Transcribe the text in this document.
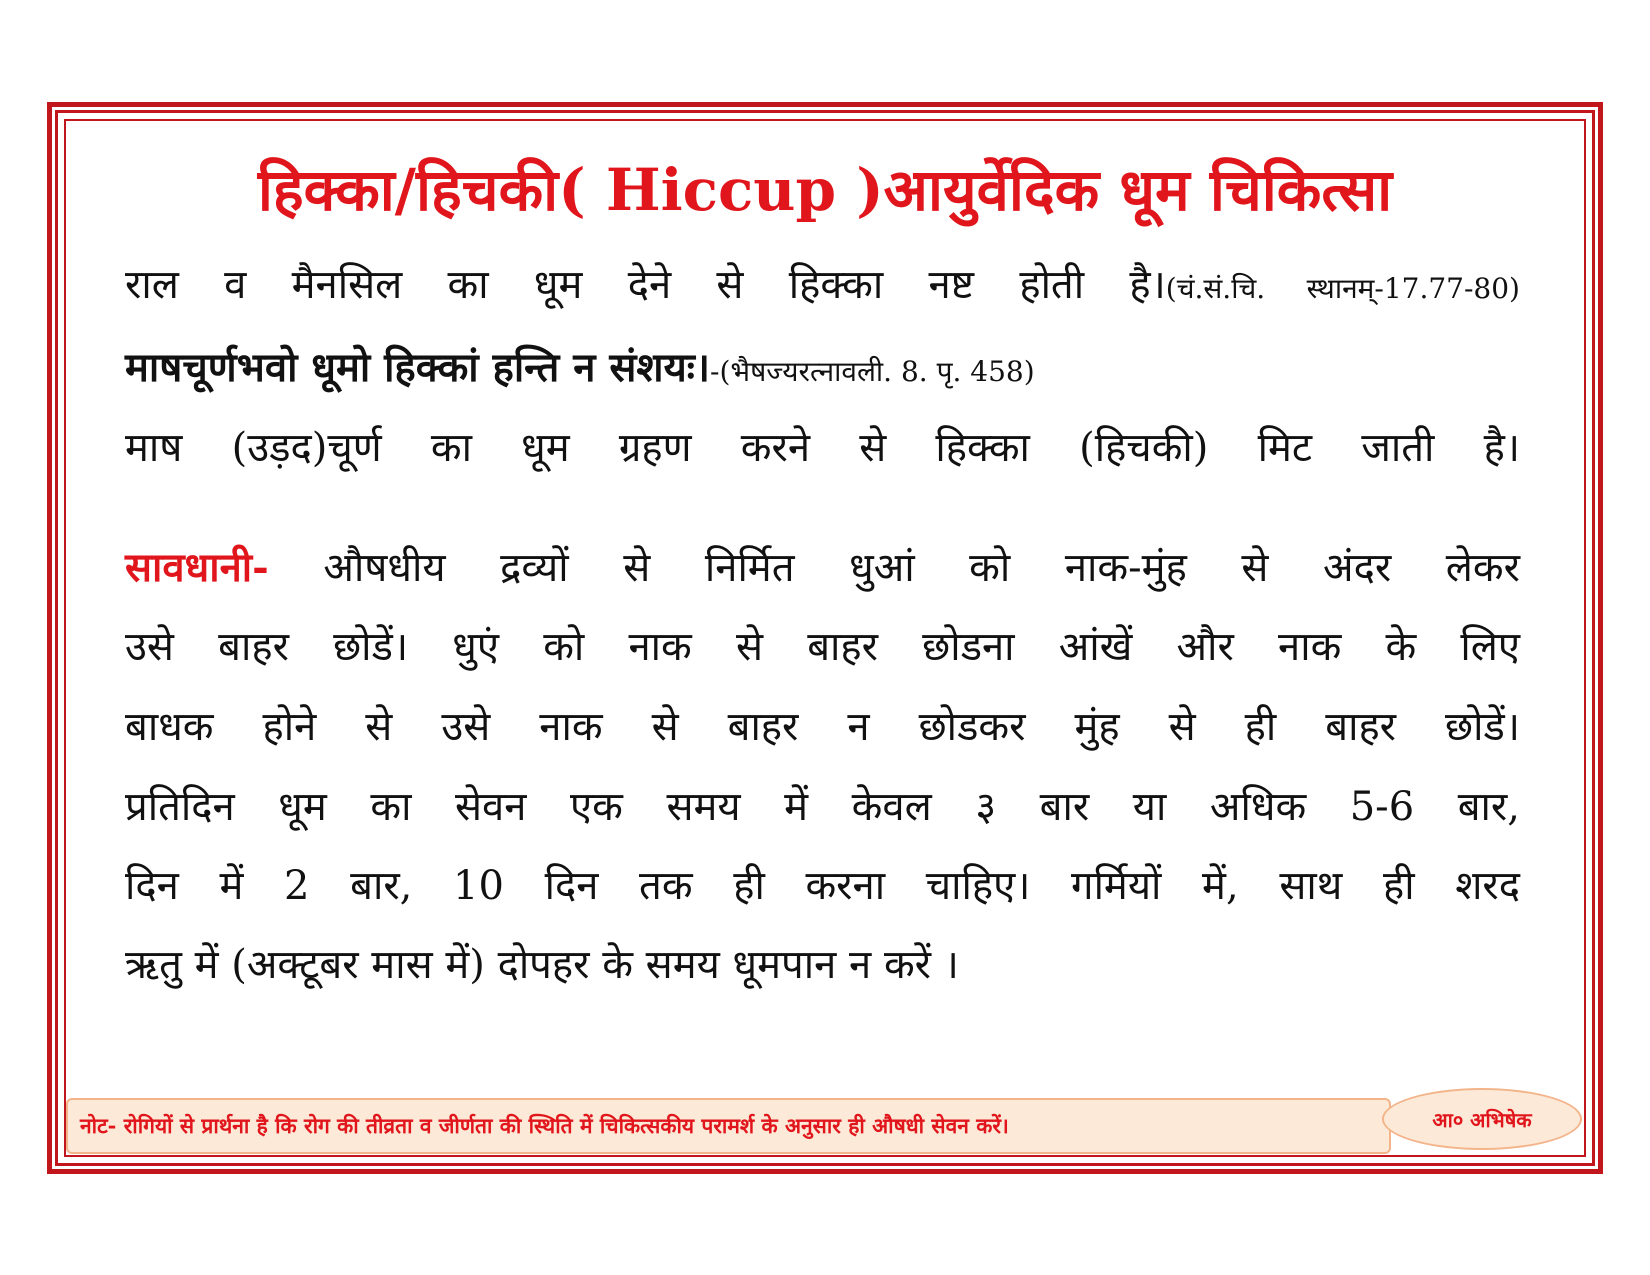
हिक्का/हिचकी( Hiccup )आयुर्वेदिक धूम चिकित्सा
राल व मैनसिल का धूम देने से हिक्का नष्ट होती है।(चं.सं.चि. स्थानम्-17.77-80)
माषचूर्णभवो धूमो हिक्कां हन्ति न संशयः।-(भैषज्यरत्नावली. 8. पृ. 458)
माष (उड़द)चूर्ण का धूम ग्रहण करने से हिक्का (हिचकी) मिट जाती है।
सावधानी- औषधीय द्रव्यों से निर्मित धुआं को नाक-मुंह से अंदर लेकर
उसे बाहर छोडें। धुएं को नाक से बाहर छोडना आंखें और नाक के लिए
बाधक होने से उसे नाक से बाहर न छोडकर मुंह से ही बाहर छोडें।
प्रतिदिन धूम का सेवन एक समय में केवल ३ बार या अधिक 5-6 बार,
दिन में 2 बार, 10 दिन तक ही करना चाहिए। गर्मियों में, साथ ही शरद
ऋतु में (अक्टूबर मास में) दोपहर के समय धूमपान न करें ।
नोट- रोगियों से प्रार्थना है कि रोग की तीव्रता व जीर्णता की स्थिति में चिकित्सकीय परामर्श के अनुसार ही औषधी सेवन करें।	आ० अभिषेक
